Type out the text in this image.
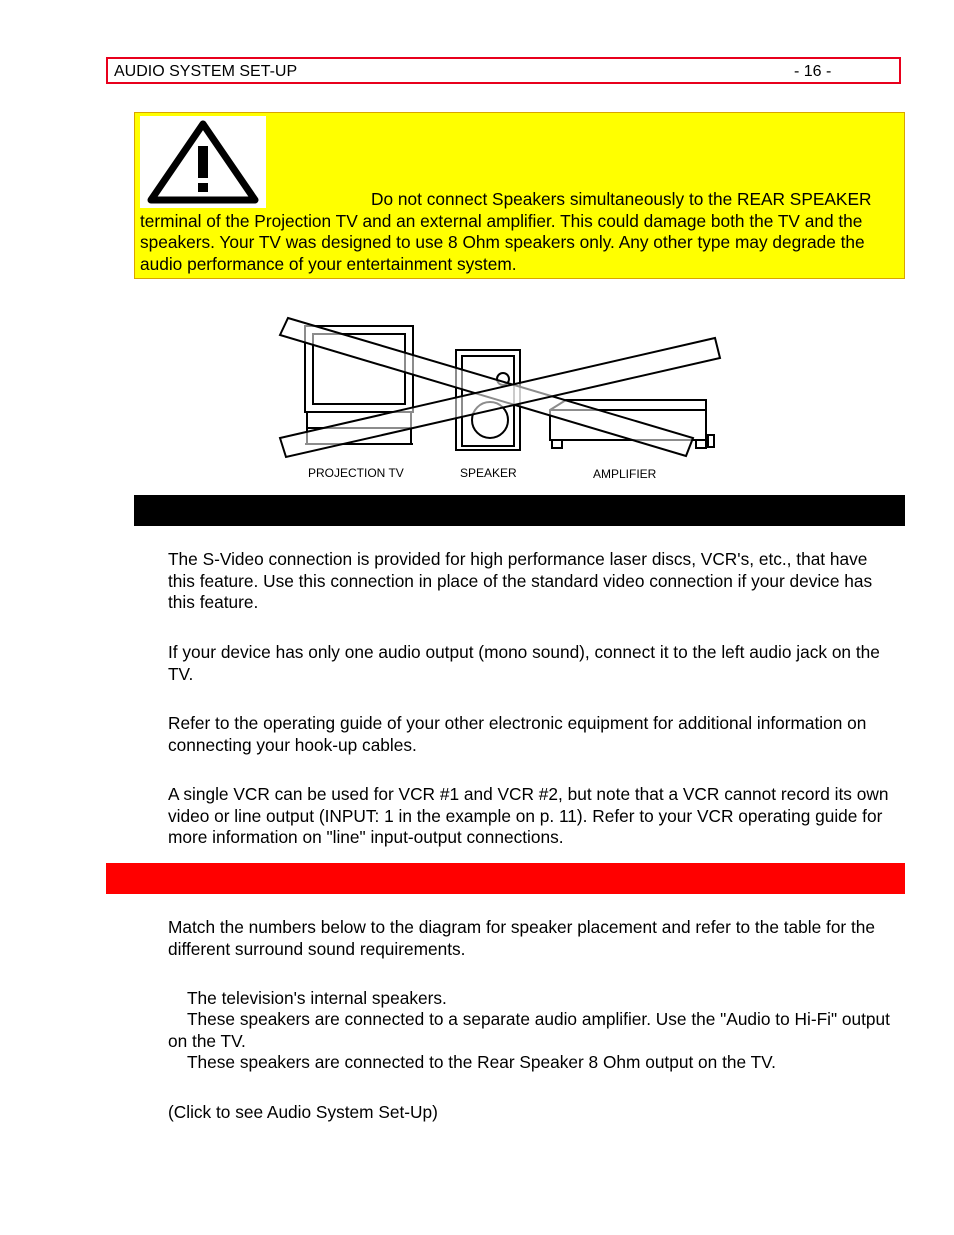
AUDIO SYSTEM SET-UP	- 16 -
Do not connect Speakers simultaneously to the REAR SPEAKER terminal of the Projection TV and an external amplifier. This could damage both the TV and the speakers. Your TV was designed to use 8 Ohm speakers only. Any other type may degrade the audio performance of your entertainment system.
PROJECTION TV	SPEAKER	AMPLIFIER
The S-Video connection is provided for high performance laser discs, VCR's, etc., that have this feature. Use this connection in place of the standard video connection if your device has this feature.
If your device has only one audio output (mono sound), connect it to the left audio jack on the TV.
Refer to the operating guide of your other electronic equipment for additional information on connecting your hook-up cables.
A single VCR can be used for VCR #1 and VCR #2, but note that a VCR cannot record its own video or line output (INPUT: 1 in the example on p. 11). Refer to your VCR operating guide for more information on "line" input-output connections.
Match the numbers below to the diagram for speaker placement and refer to the table for the different surround sound requirements.
The television's internal speakers.
These speakers are connected to a separate audio amplifier. Use the "Audio to Hi-Fi" output on the TV.
These speakers are connected to the Rear Speaker 8 Ohm output on the TV.
(Click to see Audio System Set-Up)
